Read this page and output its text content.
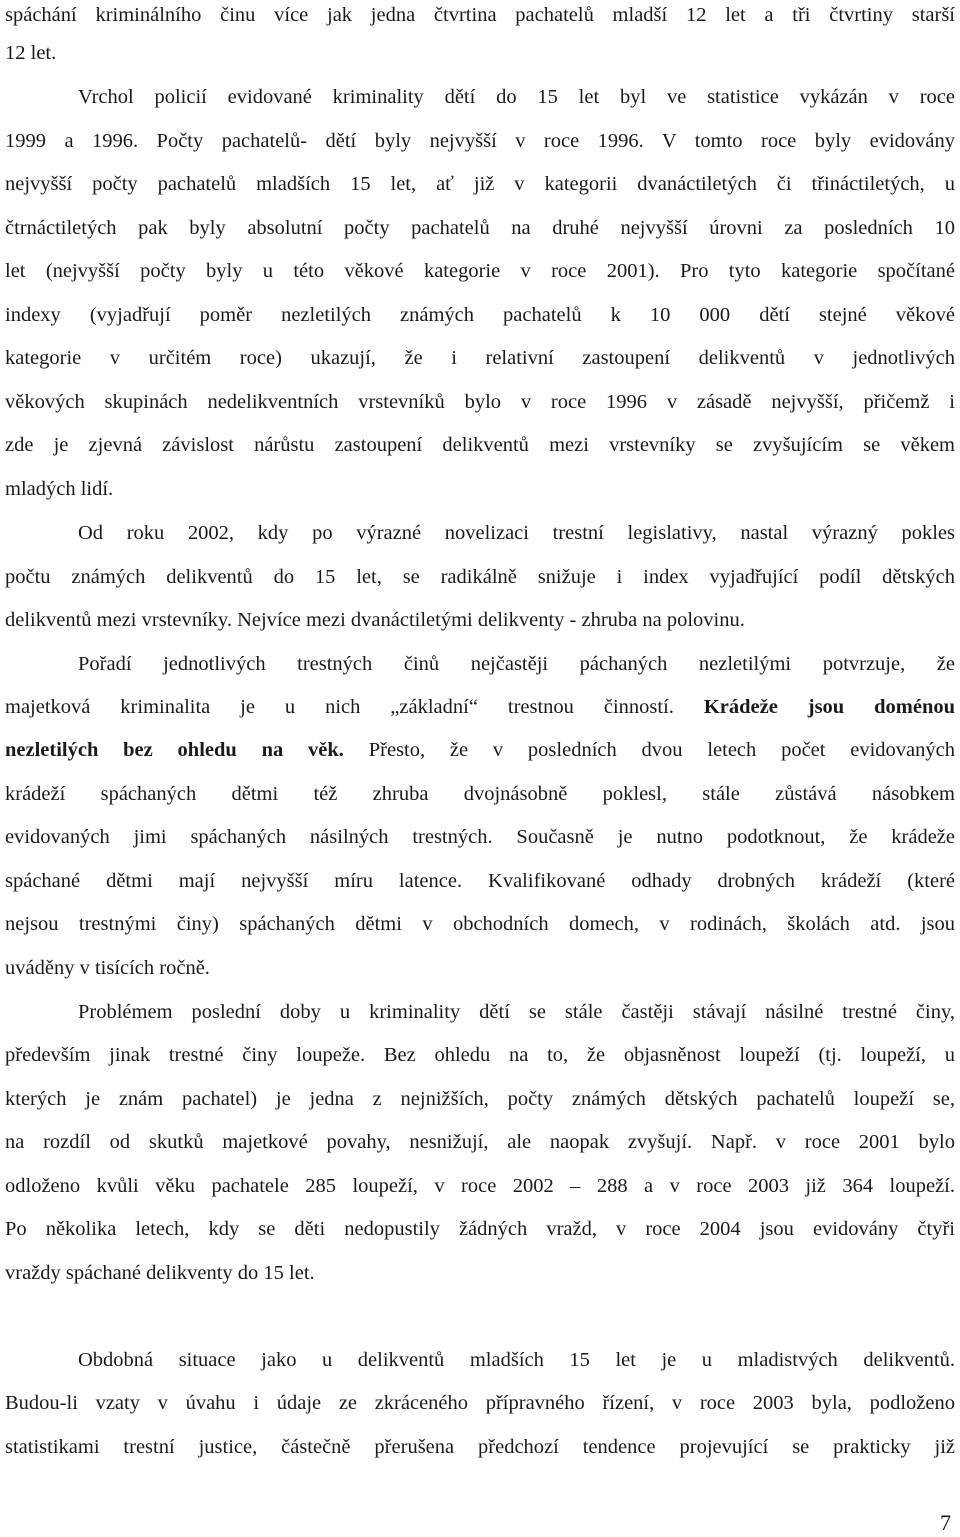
spáchání kriminálního činu více jak jedna čtvrtina pachatelů mladší 12 let a tři čtvrtiny starší
12 let.
Vrchol policií evidované kriminality dětí do 15 let byl ve statistice vykázán v roce
1999 a 1996. Počty pachatelů- dětí byly nejvyšší v roce 1996. V tomto roce byly evidovány
nejvyšší počty pachatelů mladších 15 let, ať již v kategorii dvanáctiletých či třináctiletých, u
čtrnáctiletých pak byly absolutní počty pachatelů na druhé nejvyšší úrovni za posledních 10
let (nejvyšší počty byly u této věkové kategorie v roce 2001). Pro tyto kategorie spočítané
indexy (vyjadřují poměr nezletilých známých pachatelů k 10 000 dětí stejné věkové
kategorie v určitém roce) ukazují, že i relativní zastoupení delikventů v jednotlivých
věkových skupinách nedelikventních vrstevníků bylo v roce 1996 v zásadě nejvyšší, přičemž i
zde je zjevná závislost nárůstu zastoupení delikventů mezi vrstevníky se zvyšujícím se věkem
mladých lidí.
Od roku 2002, kdy po výrazné novelizaci trestní legislativy, nastal výrazný pokles
počtu známých delikventů do 15 let, se radikálně snižuje i index vyjadřující podíl dětských
delikventů mezi vrstevníky. Nejvíce mezi dvanáctiletými delikventy - zhruba na polovinu.
Pořadí jednotlivých trestných činů nejčastěji páchaných nezletilými potvrzuje, že
majetková kriminalita je u nich „základní“ trestnou činností. Krádeže jsou doménou
nezletilých bez ohledu na věk. Přesto, že v posledních dvou letech počet evidovaných
krádeží spáchaných dětmi též zhruba dvojnásobně poklesl, stále zůstává násobkem
evidovaných jimi spáchaných násilných trestných. Současně je nutno podotknout, že krádeže
spáchané dětmi mají nejvyšší míru latence. Kvalifikované odhady drobných krádeží (které
nejsou trestnými činy) spáchaných dětmi v obchodních domech, v rodinách, školách atd. jsou
uváděny v tisících ročně.
Problémem poslední doby u kriminality dětí se stále častěji stávají násilné trestné činy,
především jinak trestné činy loupeže. Bez ohledu na to, že objasněnost loupeží (tj. loupeží, u
kterých je znám pachatel) je jedna z nejnižších, počty známých dětských pachatelů loupeží se,
na rozdíl od skutků majetkové povahy, nesnižují, ale naopak zvyšují. Např. v roce 2001 bylo
odloženo kvůli věku pachatele 285 loupeží, v roce 2002 – 288 a v roce 2003 již 364 loupeží.
Po několika letech, kdy se děti nedopustily žádných vražd, v roce 2004 jsou evidovány čtyři
vraždy spáchané delikventy do 15 let.
Obdobná situace jako u delikventů mladších 15 let je u mladistvých delikventů.
Budou-li vzaty v úvahu i údaje ze zkráceného přípravného řízení, v roce 2003 byla, podloženo
statistikami trestní justice, částečně přerušena předchozí tendence projevující se prakticky již
7
